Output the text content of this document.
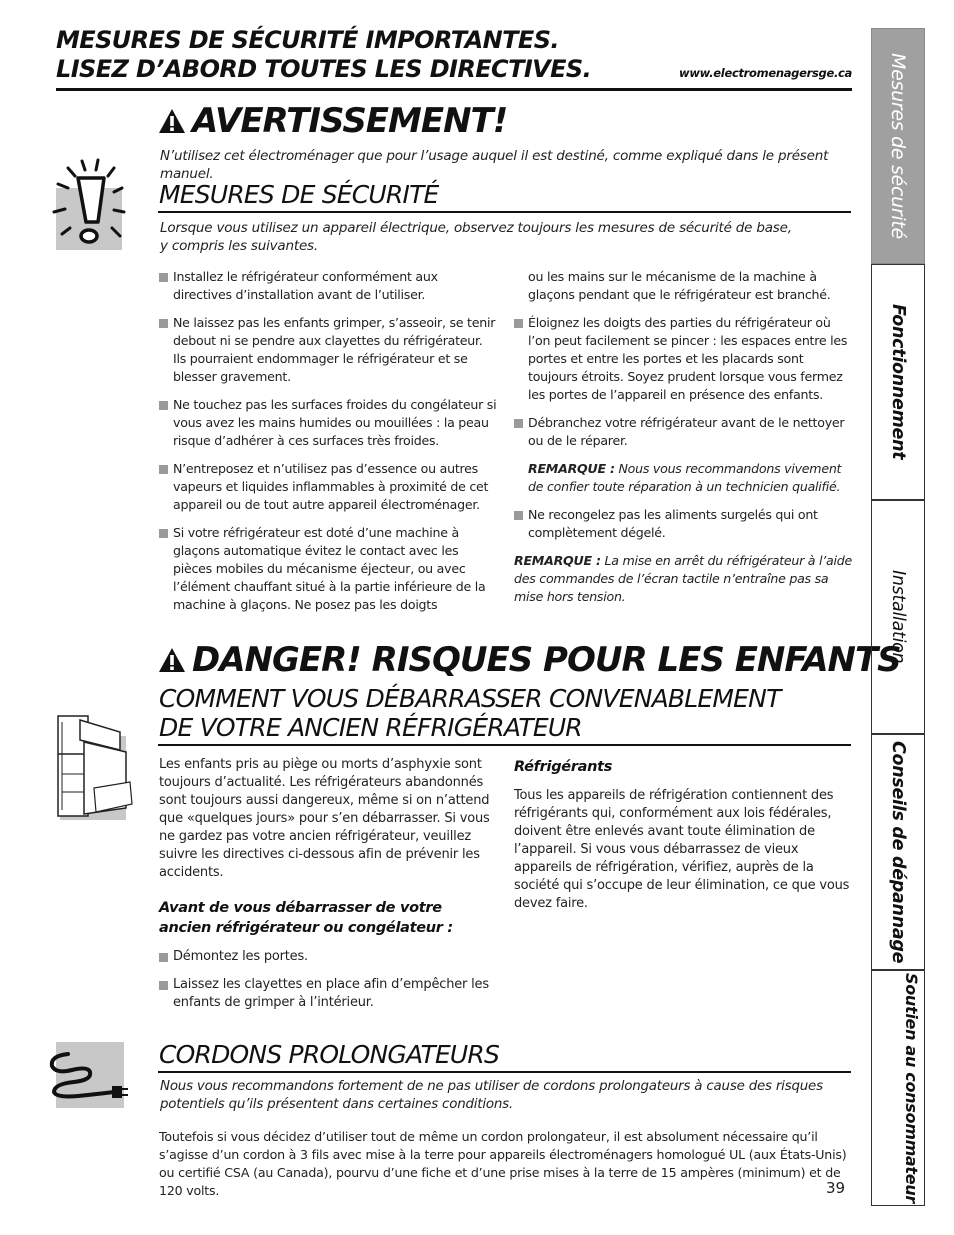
MESURES DE SÉCURITÉ IMPORTANTES.
LISEZ D’ABORD TOUTES LES DIRECTIVES.	www.electromenagersge.ca
AVERTISSEMENT!
N’utilisez cet électroménager que pour l’usage auquel il est destiné, comme expliqué dans le présent manuel.
MESURES DE SÉCURITÉ
Lorsque vous utilisez un appareil électrique, observez toujours les mesures de sécurité de base,
y compris les suivantes.
Installez le réfrigérateur conformément aux directives d’installation avant de l’utiliser.
Ne laissez pas les enfants grimper, s’asseoir, se tenir debout ni se pendre aux clayettes du réfrigérateur. Ils pourraient endommager le réfrigérateur et se blesser gravement.
Ne touchez pas les surfaces froides du congélateur si vous avez les mains humides ou mouillées : la peau risque d’adhérer à ces surfaces très froides.
N’entreposez et n’utilisez pas d’essence ou autres vapeurs et liquides inflammables à proximité de cet appareil ou de tout autre appareil électroménager.
Si votre réfrigérateur est doté d’une machine à glaçons automatique évitez le contact avec les pièces mobiles du mécanisme éjecteur, ou avec l’élément chauffant situé à la partie inférieure de la machine à glaçons. Ne posez pas les doigts
ou les mains sur le mécanisme de la machine à glaçons pendant que le réfrigérateur est branché.
Éloignez les doigts des parties du réfrigérateur où l’on peut facilement se pincer : les espaces entre les portes et entre les portes et les placards sont toujours étroits. Soyez prudent lorsque vous fermez les portes de l’appareil en présence des enfants.
Débranchez votre réfrigérateur avant de le nettoyer ou de le réparer.
REMARQUE : Nous vous recommandons vivement de confier toute réparation à un technicien qualifié.
Ne recongelez pas les aliments surgelés qui ont complètement dégelé.
REMARQUE : La mise en arrêt du réfrigérateur à l’aide des commandes de l’écran tactile n’entraîne pas sa mise hors tension.
DANGER! RISQUES POUR LES ENFANTS
COMMENT VOUS DÉBARRASSER CONVENABLEMENT
DE VOTRE ANCIEN RÉFRIGÉRATEUR
Les enfants pris au piège ou morts d’asphyxie sont toujours d’actualité. Les réfrigérateurs abandonnés sont toujours aussi dangereux, même si on n’attend que «quelques jours» pour s’en débarrasser. Si vous ne gardez pas votre ancien réfrigérateur, veuillez suivre les directives ci-dessous afin de prévenir les accidents.
Avant de vous débarrasser de votre ancien réfrigérateur ou congélateur :
Démontez les portes.
Laissez les clayettes en place afin d’empêcher les enfants de grimper à l’intérieur.
Réfrigérants
Tous les appareils de réfrigération contiennent des réfrigérants qui, conformément aux lois fédérales, doivent être enlevés avant toute élimination de l’appareil. Si vous vous débarrassez de vieux appareils de réfrigération, vérifiez, auprès de la société qui s’occupe de leur élimination, ce que vous devez faire.
CORDONS PROLONGATEURS
Nous vous recommandons fortement de ne pas utiliser de cordons prolongateurs à cause des risques potentiels qu’ils présentent dans certaines conditions.
Toutefois si vous décidez d’utiliser tout de même un cordon prolongateur, il est absolument nécessaire qu’il s’agisse d’un cordon à 3 fils avec mise à la terre pour appareils électroménagers homologué UL (aux États-Unis) ou certifié CSA (au Canada), pourvu d’une fiche et d’une prise mises à la terre de 15 ampères (minimum) et de 120 volts.	39
Mesures de sécurité
Fonctionnement
Installation
Conseils de dépannage
Soutien au consommateur
